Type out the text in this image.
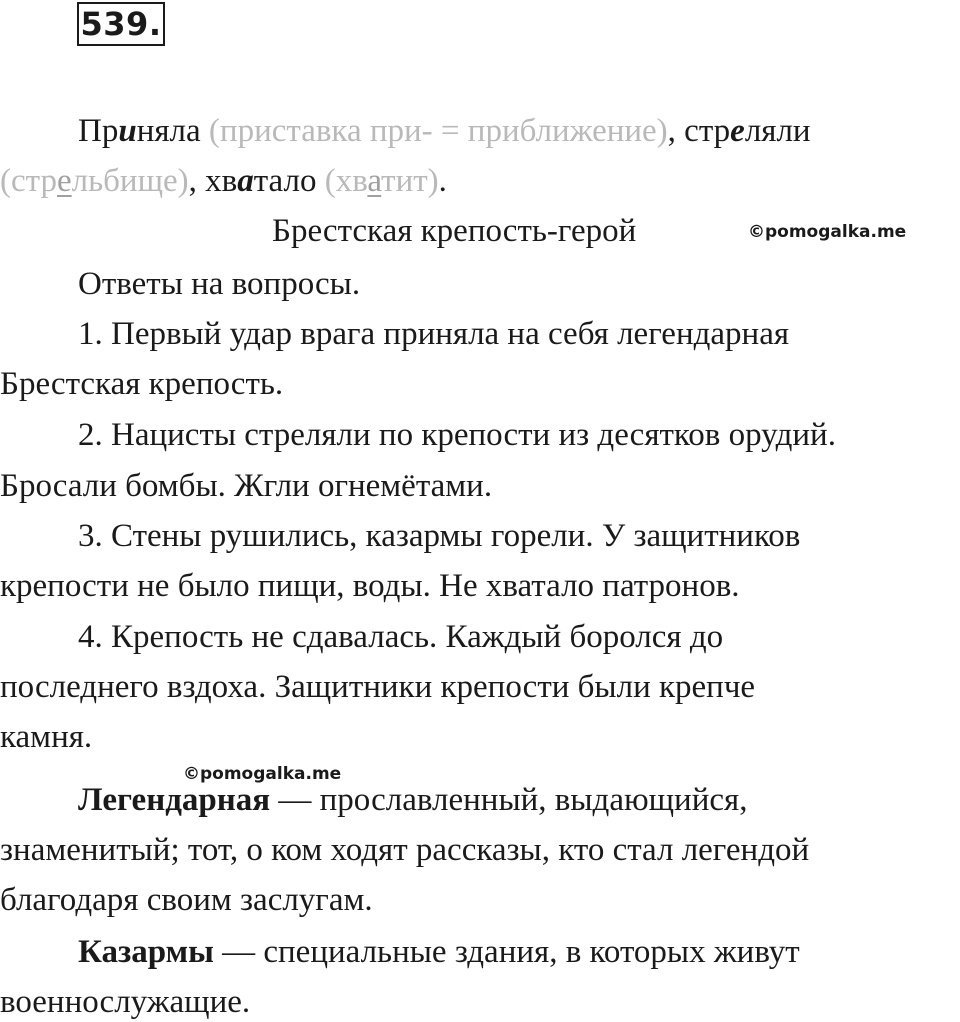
539.
Приняла (приставка при- = приближение), стреляли
(стрельбище), хватало (хватит).
Брестская крепость-герой	©pomogalka.me
Ответы на вопросы.
1. Первый удар врага приняла на себя легендарная
Брестская крепость.
2. Нацисты стреляли по крепости из десятков орудий.
Бросали бомбы. Жгли огнемётами.
3. Стены рушились, казармы горели. У защитников
крепости не было пищи, воды. Не хватало патронов.
4. Крепость не сдавалась. Каждый боролся до
последнего вздоха. Защитники крепости были крепче
камня.
©pomogalka.me
Легендарная — прославленный, выдающийся,
знаменитый; тот, о ком ходят рассказы, кто стал легендой
благодаря своим заслугам.
Казармы — специальные здания, в которых живут
военнослужащие.
